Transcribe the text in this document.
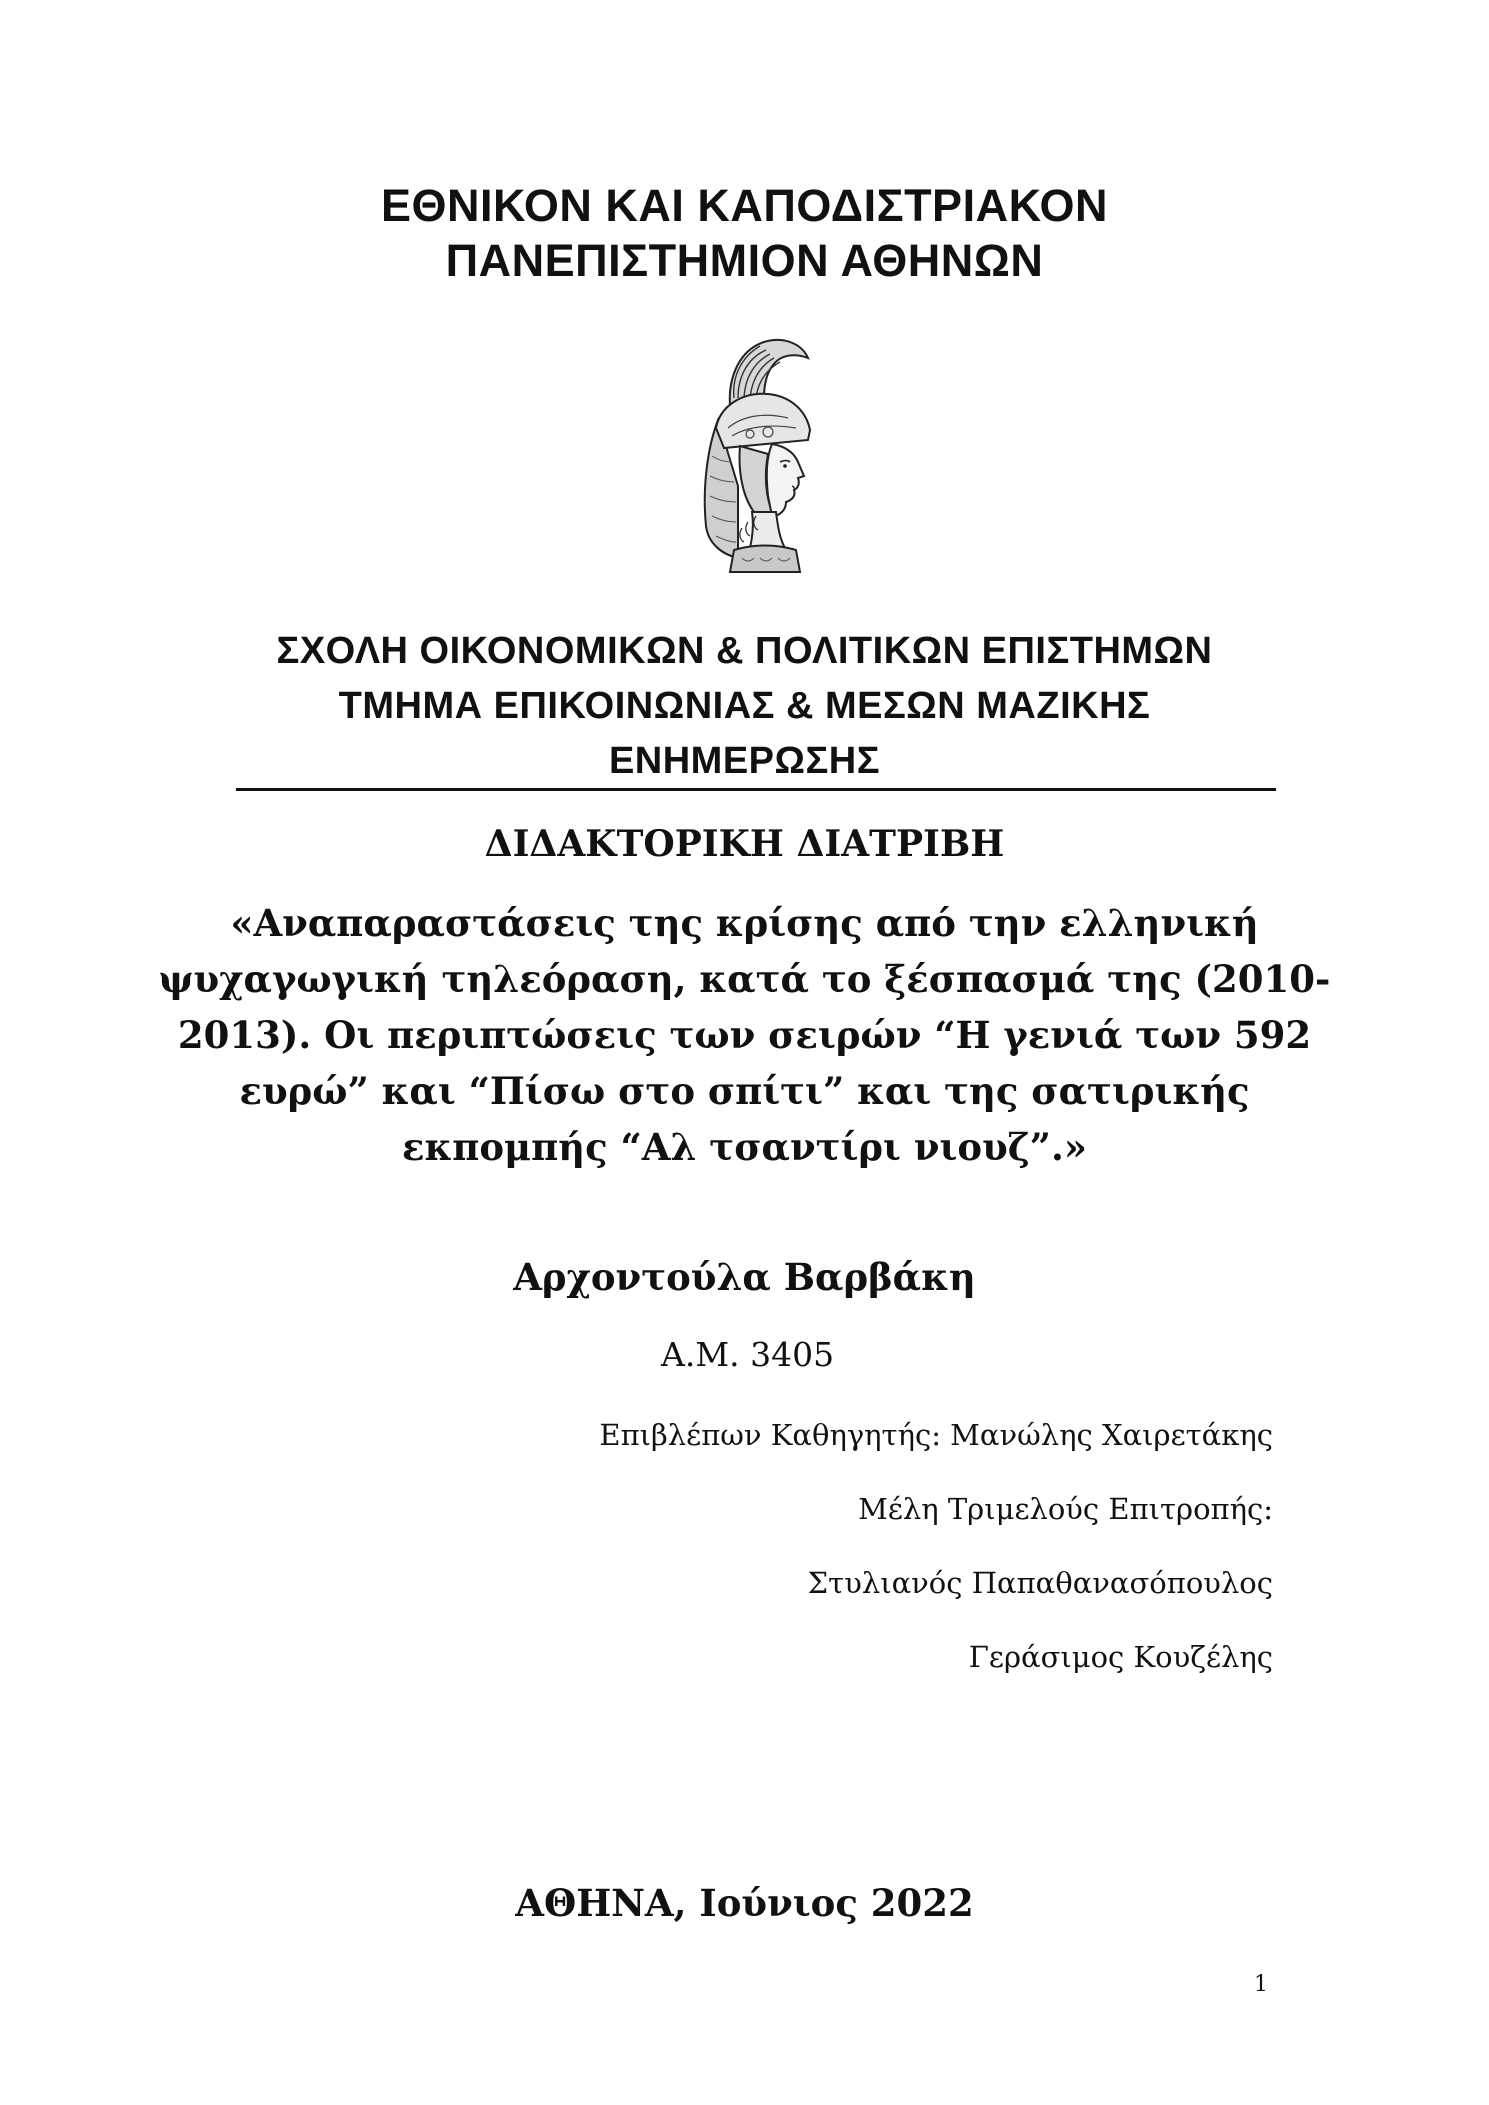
ΕΘΝΙΚΟΝ ΚΑΙ ΚΑΠΟΔΙΣΤΡΙΑΚΟΝ
ΠΑΝΕΠΙΣΤΗΜΙΟΝ ΑΘΗΝΩΝ
ΣΧΟΛΗ ΟΙΚΟΝΟΜΙΚΩΝ & ΠΟΛΙΤΙΚΩΝ ΕΠΙΣΤΗΜΩΝ
ΤΜΗΜΑ ΕΠΙΚΟΙΝΩΝΙΑΣ & ΜΕΣΩΝ ΜΑΖΙΚΗΣ
ΕΝΗΜΕΡΩΣΗΣ
ΔΙΔΑΚΤΟΡΙΚΗ ΔΙΑΤΡΙΒΗ
«Αναπαραστάσεις της κρίσης από την ελληνική
ψυχαγωγική τηλεόραση, κατά το ξέσπασμά της (2010-
2013). Οι περιπτώσεις των σειρών “Η γενιά των 592
ευρώ” και “Πίσω στο σπίτι” και της σατιρικής
εκπομπής “Αλ τσαντίρι νιουζ”.»
Αρχοντούλα Βαρβάκη
Α.Μ. 3405
Επιβλέπων Καθηγητής: Μανώλης Χαιρετάκης
Μέλη Τριμελούς Επιτροπής:
Στυλιανός Παπαθανασόπουλος
Γεράσιμος Κουζέλης
ΑΘΗΝΑ, Ιούνιος 2022
1
